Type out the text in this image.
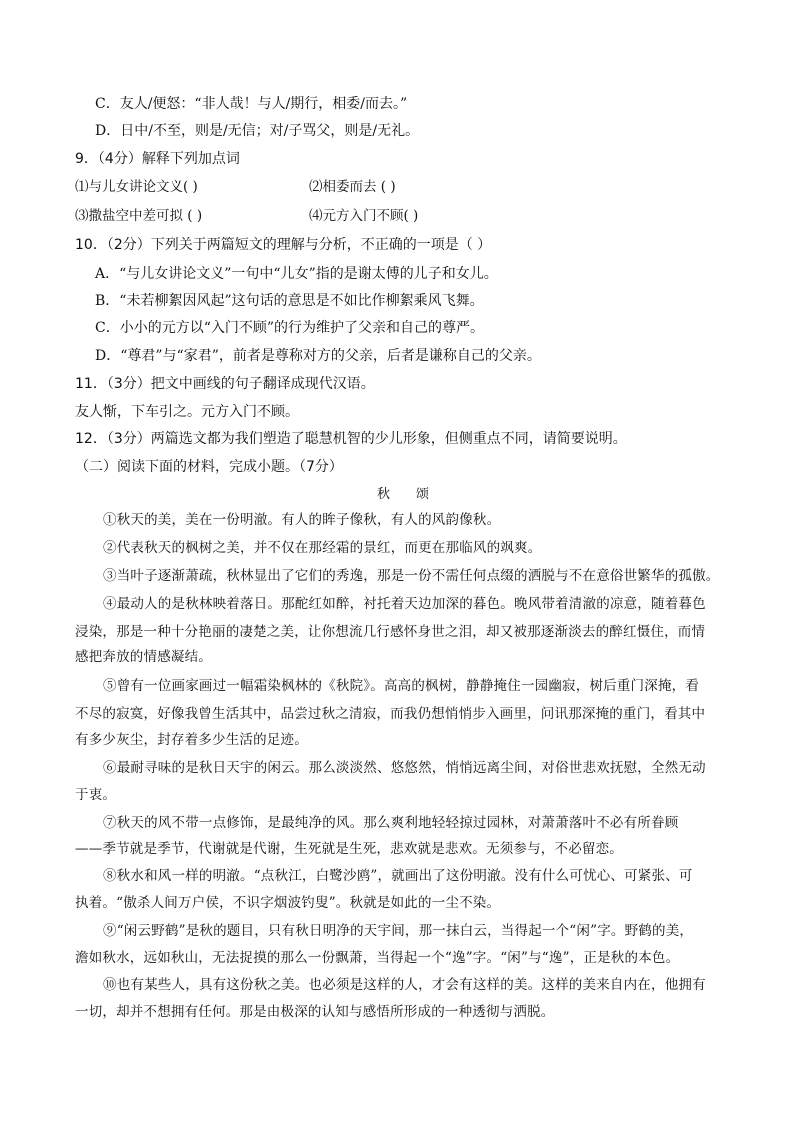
C．友人/便怒：“非人哉！与人/期行，相委/而去。”
D．日中/不至，则是/无信；对/子骂父，则是/无礼。
9．（4分）解释下列加点词
⑴与儿女讲论文义( )	⑵相委而去 ( )
⑶撒盐空中差可拟 ( )	⑷元方入门不顾( )
10．（2分）下列关于两篇短文的理解与分析，不正确的一项是（ ）
A．“与儿女讲论文义”一句中“儿女”指的是谢太傅的儿子和女儿。
B．“未若柳絮因风起”这句话的意思是不如比作柳絮乘风飞舞。
C．小小的元方以“入门不顾”的行为维护了父亲和自己的尊严。
D．“尊君”与“家君”，前者是尊称对方的父亲，后者是谦称自己的父亲。
11．（3分）把文中画线的句子翻译成现代汉语。
友人惭，下车引之。元方入门不顾。
12．（3分）两篇选文都为我们塑造了聪慧机智的少儿形象，但侧重点不同，请简要说明。
（二）阅读下面的材料，完成小题。（7分）
秋 颂
①秋天的美，美在一份明澈。有人的眸子像秋，有人的风韵像秋。
②代表秋天的枫树之美，并不仅在那经霜的景红，而更在那临风的飒爽。
③当叶子逐渐萧疏，秋林显出了它们的秀逸，那是一份不需任何点缀的洒脱与不在意俗世繁华的孤傲。
④最动人的是秋林映着落日。那酡红如醉，衬托着天边加深的暮色。晚风带着清澈的凉意，随着暮色
浸染，那是一种十分艳丽的凄楚之美，让你想流几行感怀身世之泪，却又被那逐渐淡去的醉红慑住，而情
感把奔放的情感凝结。
⑤曾有一位画家画过一幅霜染枫林的《秋院》。高高的枫树，静静掩住一园幽寂，树后重门深掩，看
不尽的寂寞，好像我曾生活其中，品尝过秋之清寂，而我仍想悄悄步入画里，问讯那深掩的重门，看其中
有多少灰尘，封存着多少生活的足迹。
⑥最耐寻味的是秋日天宇的闲云。那么淡淡然、悠悠然，悄悄远离尘间，对俗世悲欢抚慰，全然无动
于衷。
⑦秋天的风不带一点修饰，是最纯净的风。那么爽利地轻轻掠过园林，对萧萧落叶不必有所眷顾
——季节就是季节，代谢就是代谢，生死就是生死，悲欢就是悲欢。无须参与，不必留恋。
⑧秋水和风一样的明澈。“点秋江，白鹭沙鸥”，就画出了这份明澈。没有什么可忧心、可紧张、可
执着。“傲杀人间万户侯，不识字烟波钓叟”。秋就是如此的一尘不染。
⑨“闲云野鹤”是秋的题目，只有秋日明净的天宇间，那一抹白云，当得起一个“闲”字。野鹤的美，
澹如秋水，远如秋山，无法捉摸的那么一份飘萧，当得起一个“逸”字。“闲”与“逸”，正是秋的本色。
⑩也有某些人，具有这份秋之美。也必须是这样的人，才会有这样的美。这样的美来自内在，他拥有
一切，却并不想拥有任何。那是由极深的认知与感悟所形成的一种透彻与洒脱。
